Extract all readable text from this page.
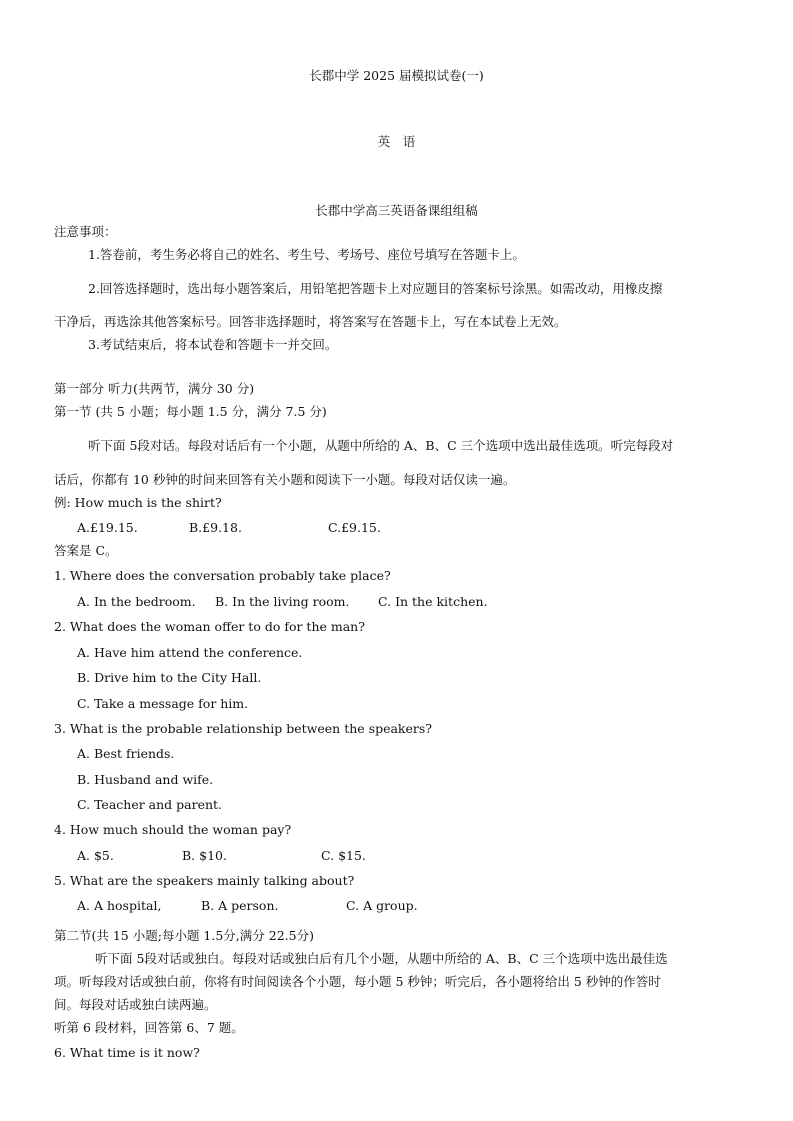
长郡中学 2025 届模拟试卷(一)
英　语
长郡中学高三英语备课组组稿
注意事项：
1.答卷前，考生务必将自己的姓名、考生号、考场号、座位号填写在答题卡上。
2.回答选择题时，选出每小题答案后，用铅笔把答题卡上对应题目的答案标号涂黑。如需改动，用橡皮擦
干净后，再选涂其他答案标号。回答非选择题时，将答案写在答题卡上，写在本试卷上无效。
3.考试结束后，将本试卷和答题卡一并交回。
第一部分 听力(共两节，满分 30 分)
第一节 (共 5 小题；每小题 1.5 分，满分 7.5 分)
听下面 5段对话。每段对话后有一个小题，从题中所给的 A、B、C 三个选项中选出最佳选项。听完每段对
话后，你都有 10 秒钟的时间来回答有关小题和阅读下一小题。每段对话仅读一遍。
例: How much is the shirt?
A.£19.15.	B.£9.18.	C.£9.15.
答案是 C。
1. Where does the conversation probably take place?
A. In the bedroom. B. In the living room. C. In the kitchen.
2. What does the woman offer to do for the man?
A. Have him attend the conference.
B. Drive him to the City Hall.
C. Take a message for him.
3. What is the probable relationship between the speakers?
A. Best friends.
B. Husband and wife.
C. Teacher and parent.
4. How much should the woman pay?
A. $5.	B. $10.	C. $15.
5. What are the speakers mainly talking about?
A. A hospital,	B. A person.	C. A group.
第二节(共 15 小题;每小题 1.5分,满分 22.5分)
听下面 5段对话或独白。每段对话或独白后有几个小题，从题中所给的 A、B、C 三个选项中选出最佳选
项。听每段对话或独白前，你将有时间阅读各个小题，每小题 5 秒钟；听完后，各小题将给出 5 秒钟的作答时
间。每段对话或独白读两遍。
听第 6 段材料，回答第 6、7 题。
6. What time is it now?
